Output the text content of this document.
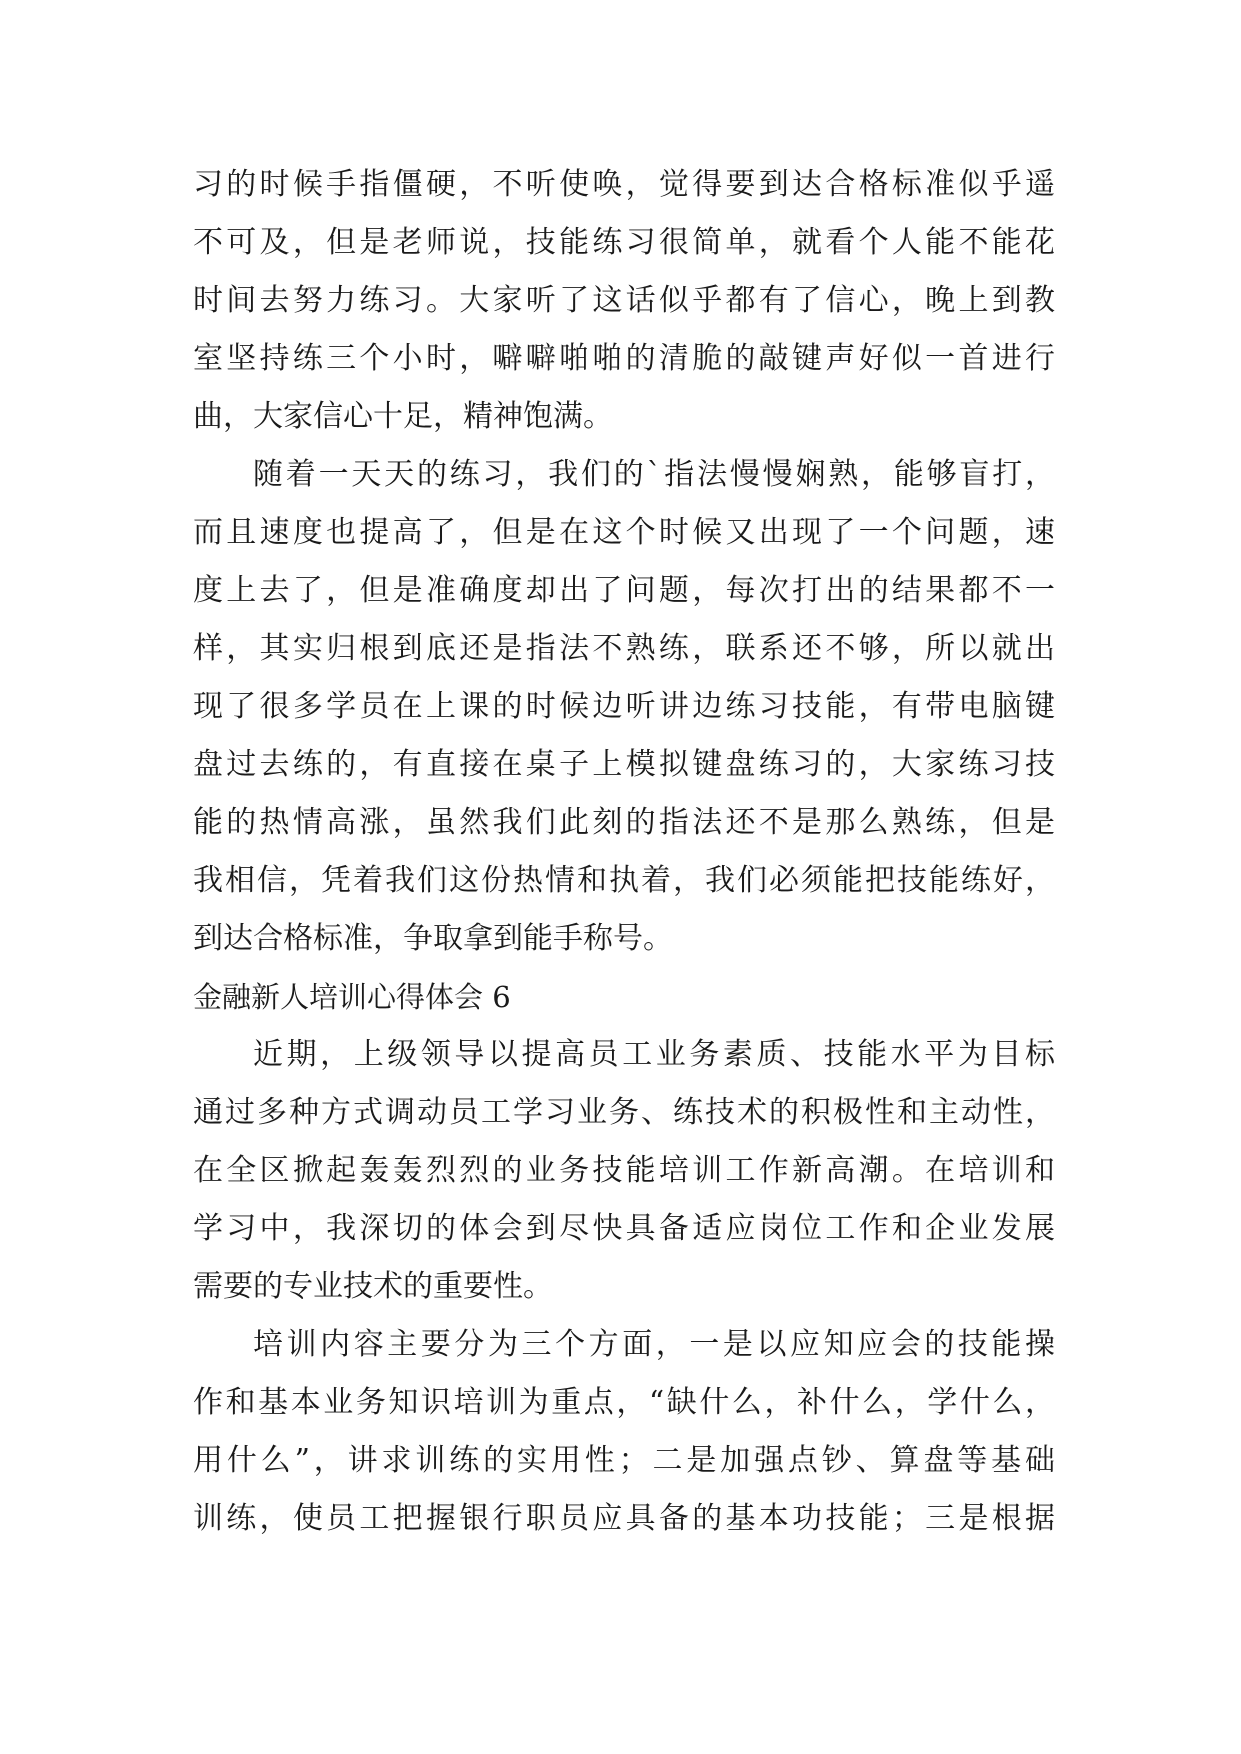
习的时候手指僵硬，不听使唤，觉得要到达合格标准似乎遥
不可及，但是老师说，技能练习很简单，就看个人能不能花
时间去努力练习。大家听了这话似乎都有了信心，晚上到教
室坚持练三个小时，噼噼啪啪的清脆的敲键声好似一首进行
曲，大家信心十足，精神饱满。
随着一天天的练习，我们的`指法慢慢娴熟，能够盲打，
而且速度也提高了，但是在这个时候又出现了一个问题，速
度上去了，但是准确度却出了问题，每次打出的结果都不一
样，其实归根到底还是指法不熟练，联系还不够，所以就出
现了很多学员在上课的时候边听讲边练习技能，有带电脑键
盘过去练的，有直接在桌子上模拟键盘练习的，大家练习技
能的热情高涨，虽然我们此刻的指法还不是那么熟练，但是
我相信，凭着我们这份热情和执着，我们必须能把技能练好，
到达合格标准，争取拿到能手称号。
金融新人培训心得体会 6
近期，上级领导以提高员工业务素质、技能水平为目标
通过多种方式调动员工学习业务、练技术的积极性和主动性，
在全区掀起轰轰烈烈的业务技能培训工作新高潮。在培训和
学习中，我深切的体会到尽快具备适应岗位工作和企业发展
需要的专业技术的重要性。
培训内容主要分为三个方面，一是以应知应会的技能操
作和基本业务知识培训为重点，“缺什么，补什么，学什么，
用什么”，讲求训练的实用性；二是加强点钞、算盘等基础
训练，使员工把握银行职员应具备的基本功技能；三是根据
